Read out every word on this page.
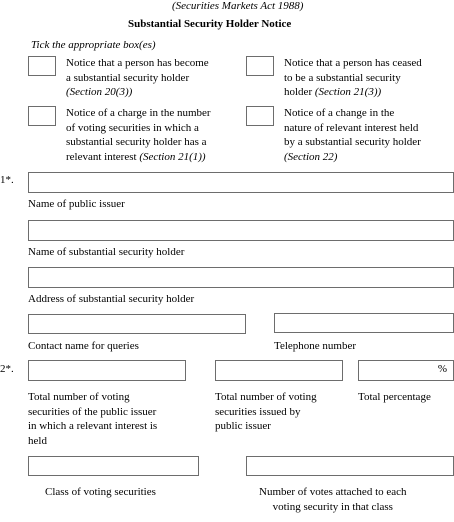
(Securities Markets Act 1988)
Substantial Security Holder Notice
Tick the appropriate box(es)
Notice that a person has become
a substantial security holder
(Section 20(3))
Notice that a person has ceased
to be a substantial security
holder (Section 21(3))
Notice of a charge in the number
of voting securities in which a
substantial security holder has a
relevant interest (Section 21(1))
Notice of a change in the
nature of relevant interest held
by a substantial security holder
(Section 22)
1*.
Name of public issuer
Name of substantial security holder
Address of substantial security holder
Contact name for queries	Telephone number
2*.
Total number of voting
securities of the public issuer
in which a relevant interest is
held
Total number of voting
securities issued by
public issuer
%
Total percentage
Class of voting securities	Number of votes attached to each
voting security in that class
